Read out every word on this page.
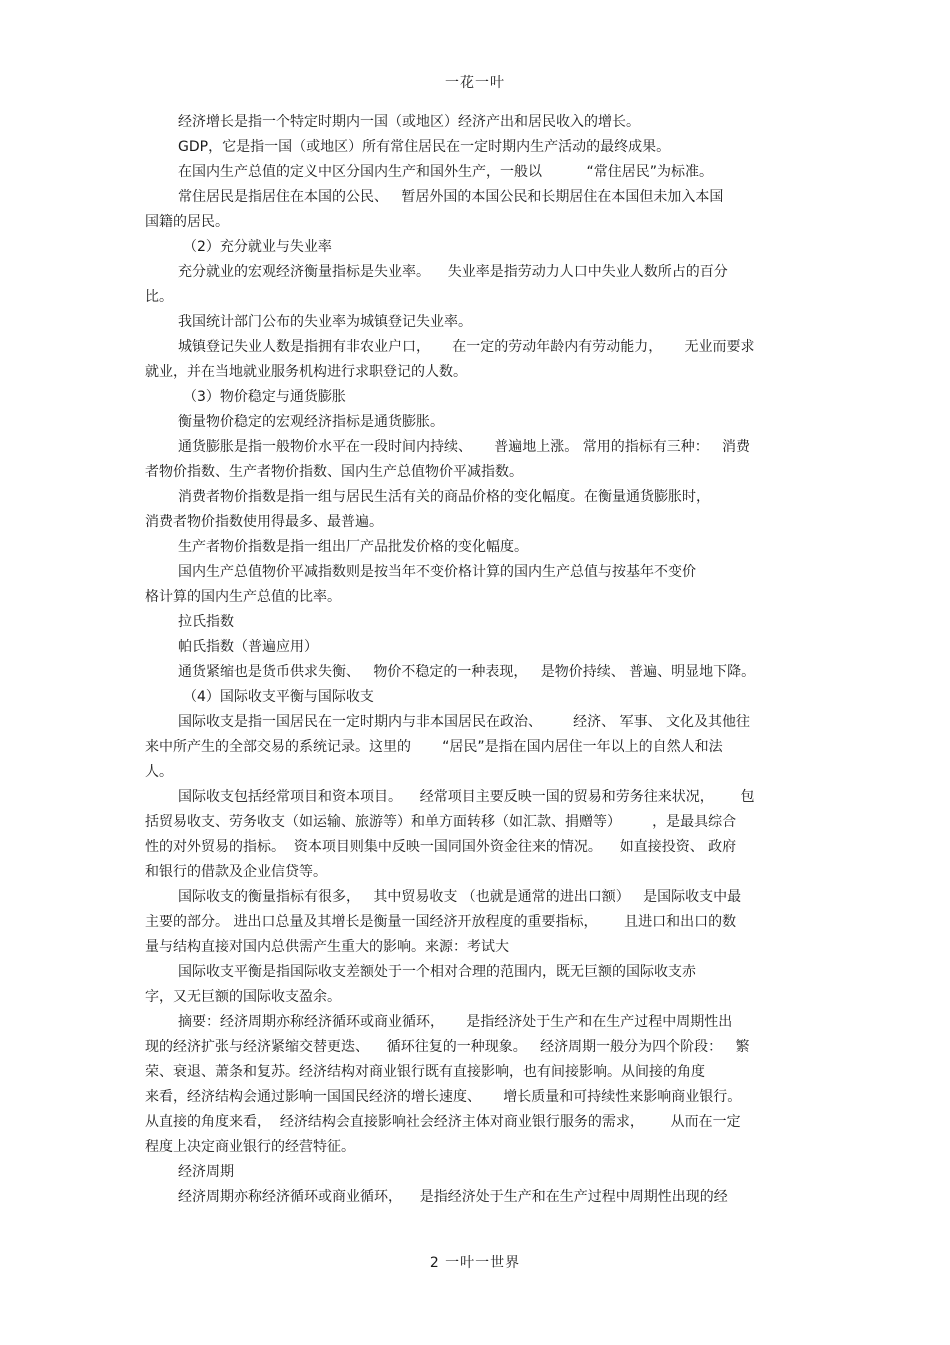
一花一叶
经济增长是指一个特定时期内一国（或地区）经济产出和居民收入的增长。
GDP，它是指一国（或地区）所有常住居民在一定时期内生产活动的最终成果。
在国内生产总值的定义中区分国内生产和国外生产，一般以          “常住居民”为标准。
常住居民是指居住在本国的公民、   暂居外国的本国公民和长期居住在本国但未加入本国
国籍的居民。
（2）充分就业与失业率
充分就业的宏观经济衡量指标是失业率。    失业率是指劳动力人口中失业人数所占的百分
比。
我国统计部门公布的失业率为城镇登记失业率。
城镇登记失业人数是指拥有非农业户口，     在一定的劳动年龄内有劳动能力，     无业而要求
就业，并在当地就业服务机构进行求职登记的人数。
（3）物价稳定与通货膨胀
衡量物价稳定的宏观经济指标是通货膨胀。
通货膨胀是指一般物价水平在一段时间内持续、     普遍地上涨。 常用的指标有三种：   消费
者物价指数、生产者物价指数、国内生产总值物价平减指数。
消费者物价指数是指一组与居民生活有关的商品价格的变化幅度。在衡量通货膨胀时，
消费者物价指数使用得最多、最普遍。
生产者物价指数是指一组出厂产品批发价格的变化幅度。
国内生产总值物价平减指数则是按当年不变价格计算的国内生产总值与按基年不变价
格计算的国内生产总值的比率。
拉氏指数
帕氏指数（普遍应用）
通货紧缩也是货币供求失衡、   物价不稳定的一种表现，   是物价持续、 普遍、明显地下降。
（4）国际收支平衡与国际收支
国际收支是指一国居民在一定时期内与非本国居民在政治、       经济、 军事、 文化及其他往
来中所产生的全部交易的系统记录。这里的       “居民”是指在国内居住一年以上的自然人和法
人。
国际收支包括经常项目和资本项目。    经常项目主要反映一国的贸易和劳务往来状况，      包
括贸易收支、劳务收支（如运输、旅游等）和单方面转移（如汇款、捐赠等）       ，是最具综合
性的对外贸易的指标。  资本项目则集中反映一国同国外资金往来的情况。    如直接投资、 政府
和银行的借款及企业信贷等。
国际收支的衡量指标有很多，   其中贸易收支 （也就是通常的进出口额）   是国际收支中最
主要的部分。 进出口总量及其增长是衡量一国经济开放程度的重要指标，      且进口和出口的数
量与结构直接对国内总供需产生重大的影响。来源：考试大
国际收支平衡是指国际收支差额处于一个相对合理的范围内，既无巨额的国际收支赤
字，又无巨额的国际收支盈余。
摘要：经济周期亦称经济循环或商业循环，     是指经济处于生产和在生产过程中周期性出
现的经济扩张与经济紧缩交替更迭、    循环往复的一种现象。   经济周期一般分为四个阶段：   繁
荣、衰退、萧条和复苏。经济结构对商业银行既有直接影响，也有间接影响。从间接的角度
来看，经济结构会通过影响一国国民经济的增长速度、     增长质量和可持续性来影响商业银行。
从直接的角度来看，  经济结构会直接影响社会经济主体对商业银行服务的需求，      从而在一定
程度上决定商业银行的经营特征。
经济周期
经济周期亦称经济循环或商业循环，    是指经济处于生产和在生产过程中周期性出现的经
2 一叶一世界
